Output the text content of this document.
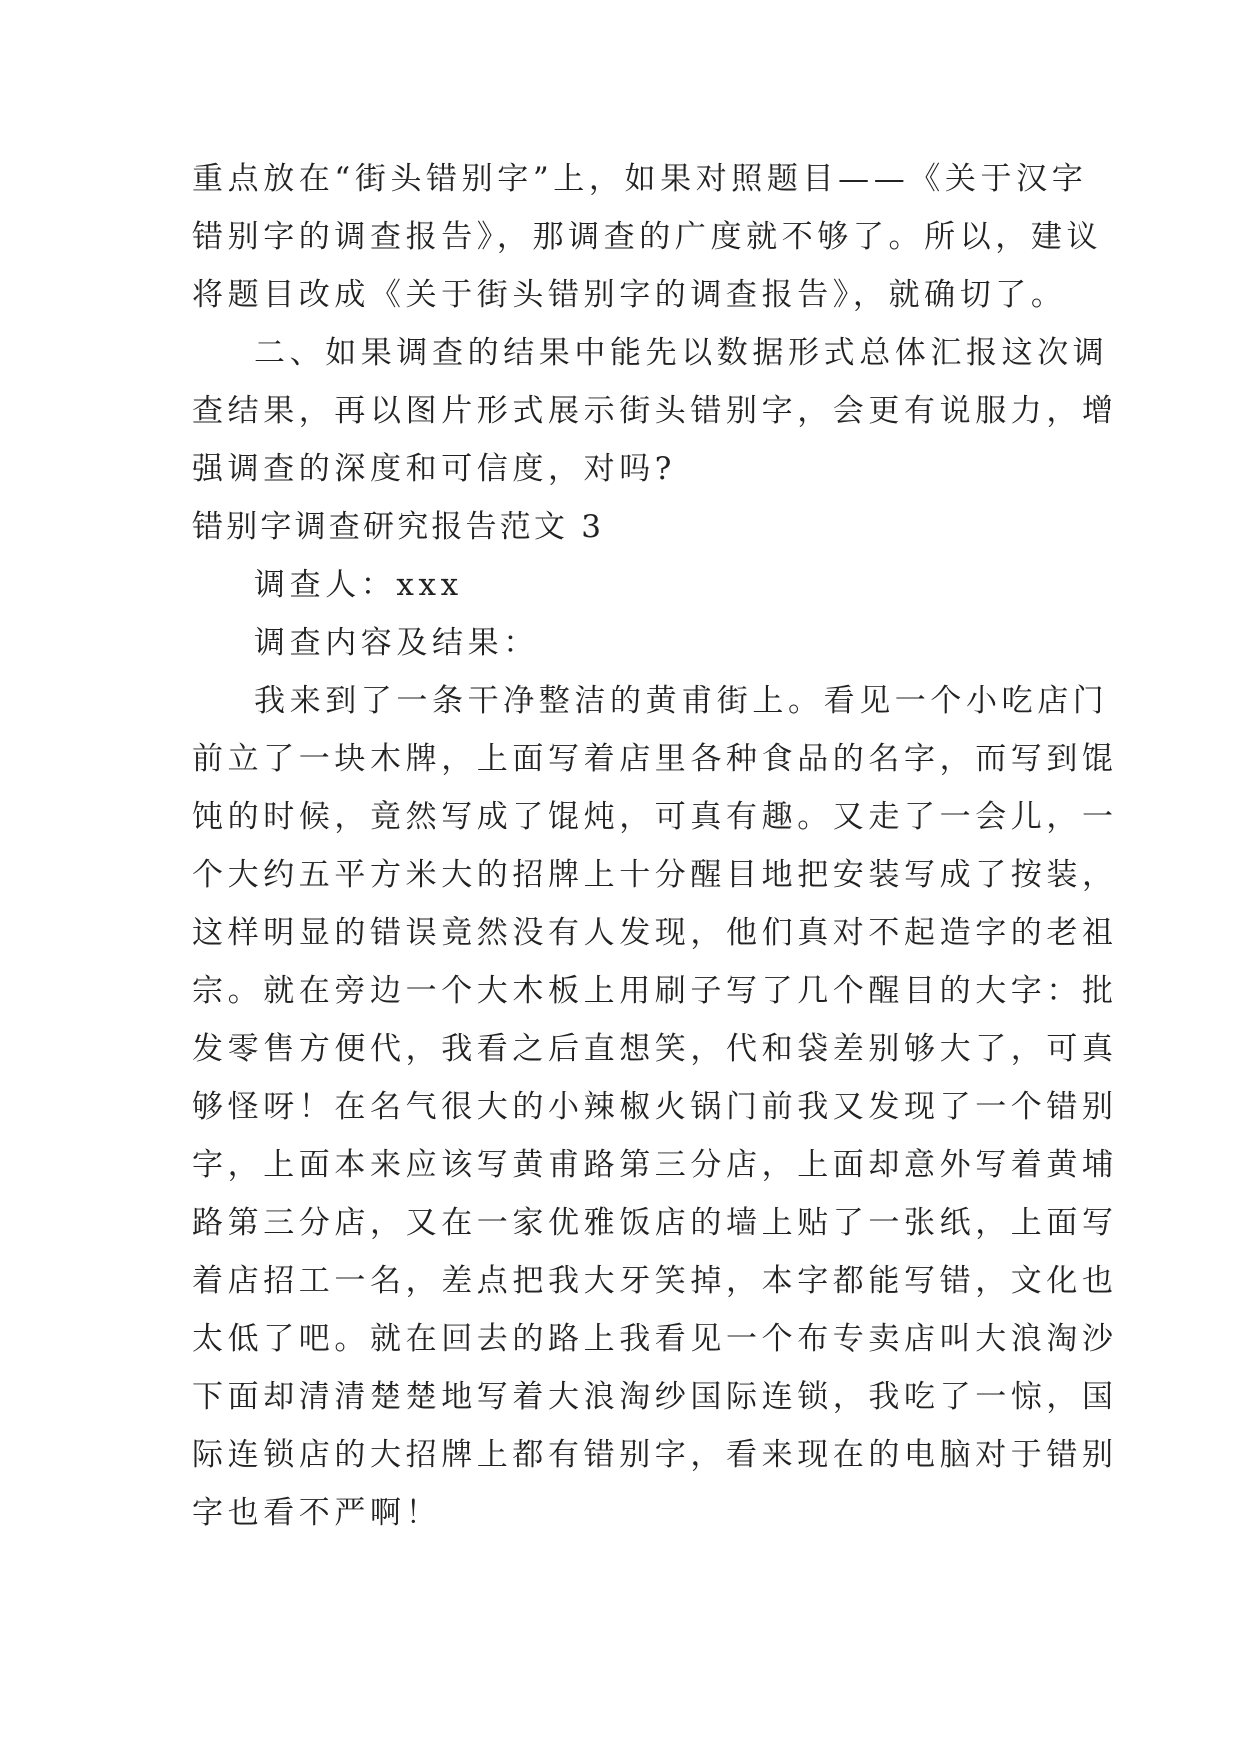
重点放在“街头错别字”上，如果对照题目——《关于汉字
错别字的调查报告》，那调查的广度就不够了。所以，建议
将题目改成《关于街头错别字的调查报告》，就确切了。
二、如果调查的结果中能先以数据形式总体汇报这次调
查结果，再以图片形式展示街头错别字，会更有说服力，增
强调查的深度和可信度，对吗?
错别字调查研究报告范文 3
调查人：xxx
调查内容及结果：
我来到了一条干净整洁的黄甫街上。看见一个小吃店门
前立了一块木牌，上面写着店里各种食品的名字，而写到馄
饨的时候，竟然写成了馄炖，可真有趣。又走了一会儿，一
个大约五平方米大的招牌上十分醒目地把安装写成了按装，
这样明显的错误竟然没有人发现，他们真对不起造字的老祖
宗。就在旁边一个大木板上用刷子写了几个醒目的大字：批
发零售方便代，我看之后直想笑，代和袋差别够大了，可真
够怪呀！在名气很大的小辣椒火锅门前我又发现了一个错别
字，上面本来应该写黄甫路第三分店，上面却意外写着黄埔
路第三分店，又在一家优雅饭店的墙上贴了一张纸，上面写
着店招工一名，差点把我大牙笑掉，本字都能写错，文化也
太低了吧。就在回去的路上我看见一个布专卖店叫大浪淘沙
下面却清清楚楚地写着大浪淘纱国际连锁，我吃了一惊，国
际连锁店的大招牌上都有错别字，看来现在的电脑对于错别
字也看不严啊！
